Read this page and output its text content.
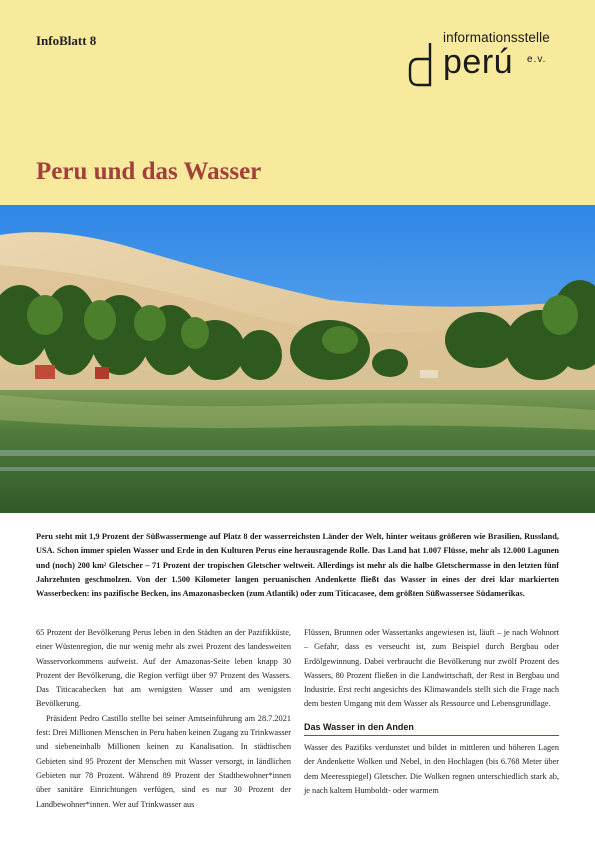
InfoBlatt 8	informationsstelle
perú e.v.
Peru und das Wasser

Peru steht mit 1,9 Prozent der Süßwassermenge auf Platz 8 der wasserreichsten Länder der Welt, hinter weitaus größeren wie Brasilien, Russland, USA. Schon immer spielen Wasser und Erde in den Kulturen Perus eine herausragende Rolle. Das Land hat 1.007 Flüsse, mehr als 12.000 Lagunen und (noch) 200 km² Gletscher – 71 Prozent der tropischen Gletscher weltweit. Allerdings ist mehr als die halbe Gletschermasse in den letzten fünf Jahrzehnten geschmolzen. Von der 1.500 Kilometer langen peruanischen Andenkette fließt das Wasser in eines der drei klar markierten Wasserbecken: ins pazifische Becken, ins Amazonasbecken (zum Atlantik) oder zum Titicacasee, dem größten Süßwassersee Südamerikas.

65 Prozent der Bevölkerung Perus leben in den Städten an der Pazifikküste, einer Wüstenregion, die nur wenig mehr als zwei Prozent des landesweiten Wasservorkommens aufweist. Auf der Amazonas-Seite leben knapp 30 Prozent der Bevölkerung, die Region verfügt über 97 Prozent des Wassers. Das Titicacabecken hat am wenigsten Wasser und am wenigsten Bevölkerung.

Präsident Pedro Castillo stellte bei seiner Amtseinführung am 28.7.2021 fest: Drei Millionen Menschen in Peru haben keinen Zugang zu Trinkwasser und siebeneinhalb Millionen keinen zu Kanalisation. In städtischen Gebieten sind 95 Prozent der Menschen mit Wasser versorgt, in ländlichen Gebieten nur 78 Prozent. Während 89 Prozent der Stadtbewohner*innen über sanitäre Einrichtungen verfügen, sind es nur 30 Prozent der Landbewohner*innen. Wer auf Trinkwasser aus

Flüssen, Brunnen oder Wassertanks angewiesen ist, läuft – je nach Wohnort – Gefahr, dass es verseucht ist, zum Beispiel durch Bergbau oder Erdölgewinnung. Dabei verbraucht die Bevölkerung nur zwölf Prozent des Wassers, 80 Prozent fließen in die Landwirtschaft, der Rest in Bergbau und Industrie. Erst recht angesichts des Klimawandels stellt sich die Frage nach dem besten Umgang mit dem Wasser als Ressource und Lebensgrundlage.

Das Wasser in den Anden

Wasser des Pazifiks verdunstet und bildet in mittleren und höheren Lagen der Andenkette Wolken und Nebel, in den Hochlagen (bis 6.768 Meter über dem Meeresspiegel) Gletscher. Die Wolken regnen unterschiedlich stark ab, je nach kaltem Humboldt- oder warmem
